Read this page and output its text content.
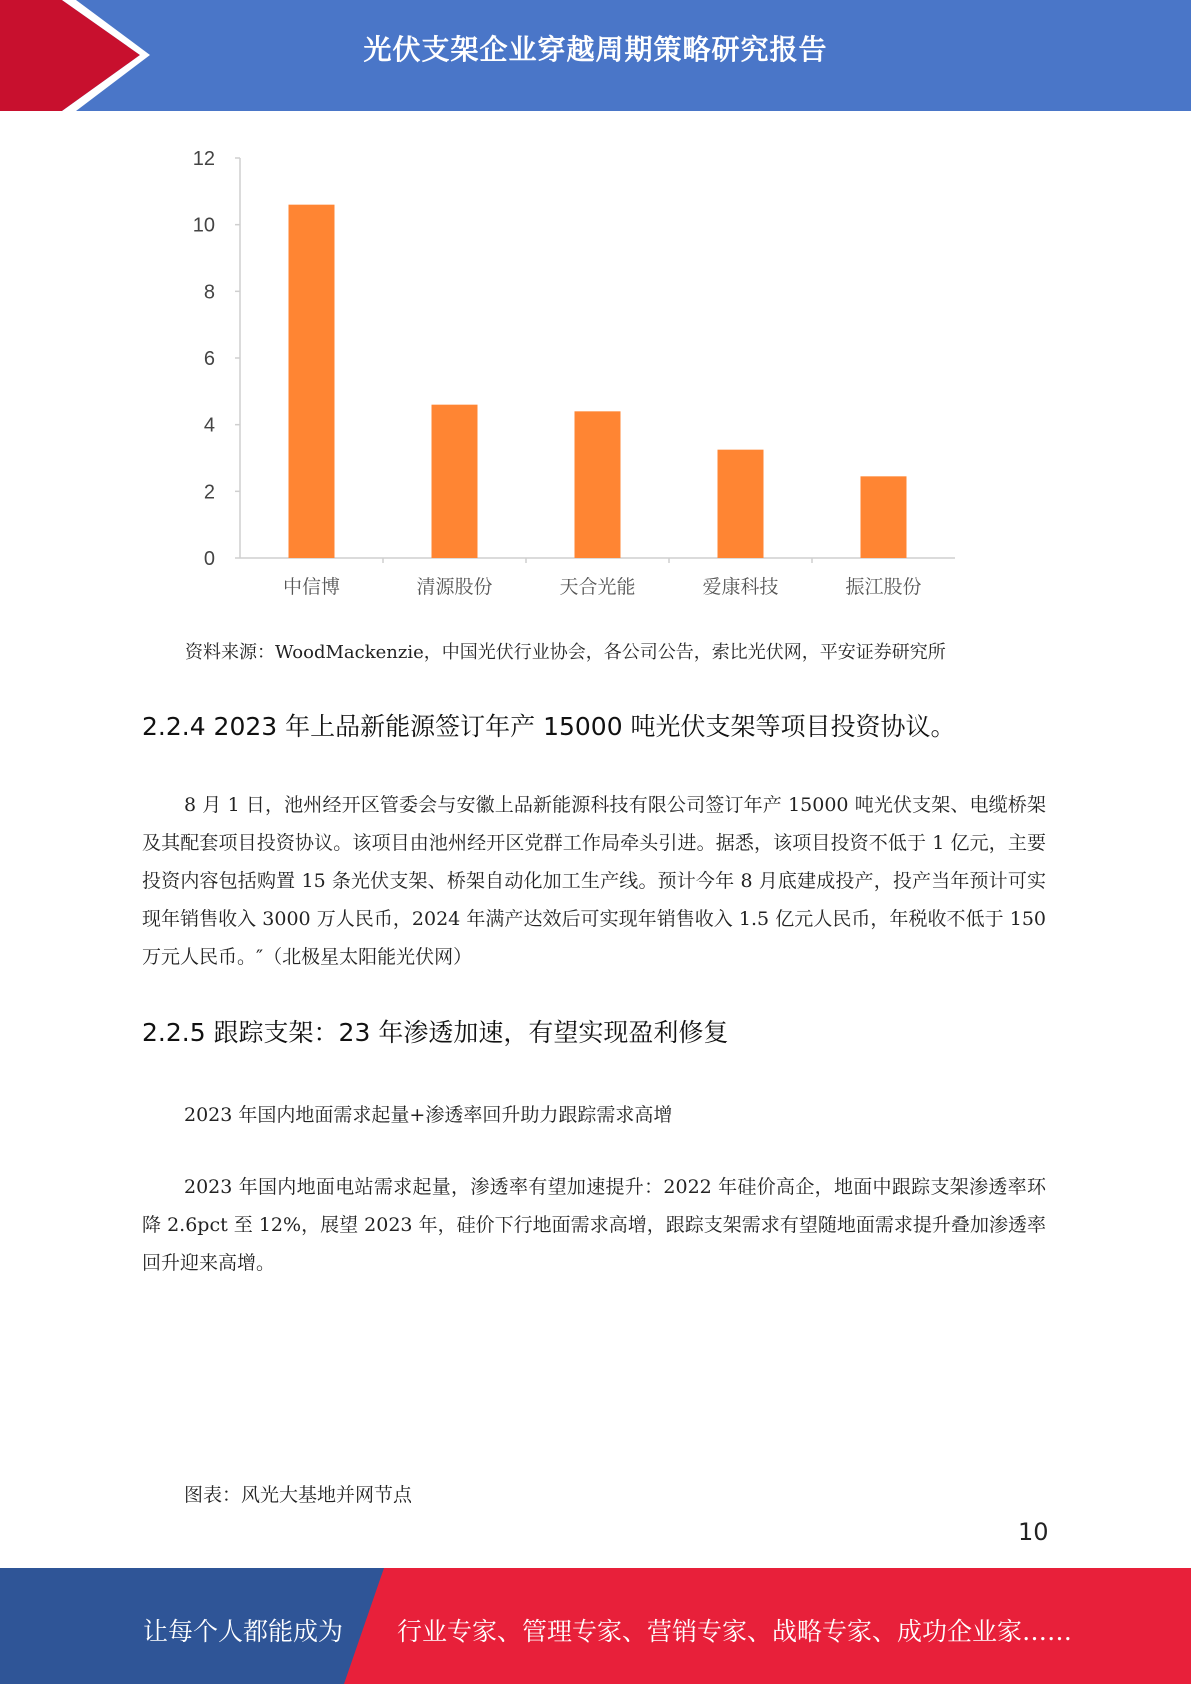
光伏支架企业穿越周期策略研究报告
0
2
4
6
8
10
12
中信博	清源股份	天合光能	爱康科技	振江股份
资料来源：WoodMackenzie，中国光伏行业协会，各公司公告，索比光伏网，平安证券研究所
2.2.4 2023 年上品新能源签订年产 15000 吨光伏支架等项目投资协议。
8 月 1 日，池州经开区管委会与安徽上品新能源科技有限公司签订年产 15000 吨光伏支架、电缆桥架及其配套项目投资协议。该项目由池州经开区党群工作局牵头引进。据悉，该项目投资不低于 1 亿元，主要投资内容包括购置 15 条光伏支架、桥架自动化加工生产线。预计今年 8 月底建成投产，投产当年预计可实现年销售收入 3000 万人民币，2024 年满产达效后可实现年销售收入 1.5 亿元人民币，年税收不低于 150 万元人民币。″（北极星太阳能光伏网）
2.2.5 跟踪支架：23 年渗透加速，有望实现盈利修复
2023 年国内地面需求起量+渗透率回升助力跟踪需求高增
2023 年国内地面电站需求起量，渗透率有望加速提升：2022 年硅价高企，地面中跟踪支架渗透率环降 2.6pct 至 12%，展望 2023 年，硅价下行地面需求高增，跟踪支架需求有望随地面需求提升叠加渗透率回升迎来高增。
图表：风光大基地并网节点
10
让每个人都能成为 行业专家、管理专家、营销专家、战略专家、成功企业家……
